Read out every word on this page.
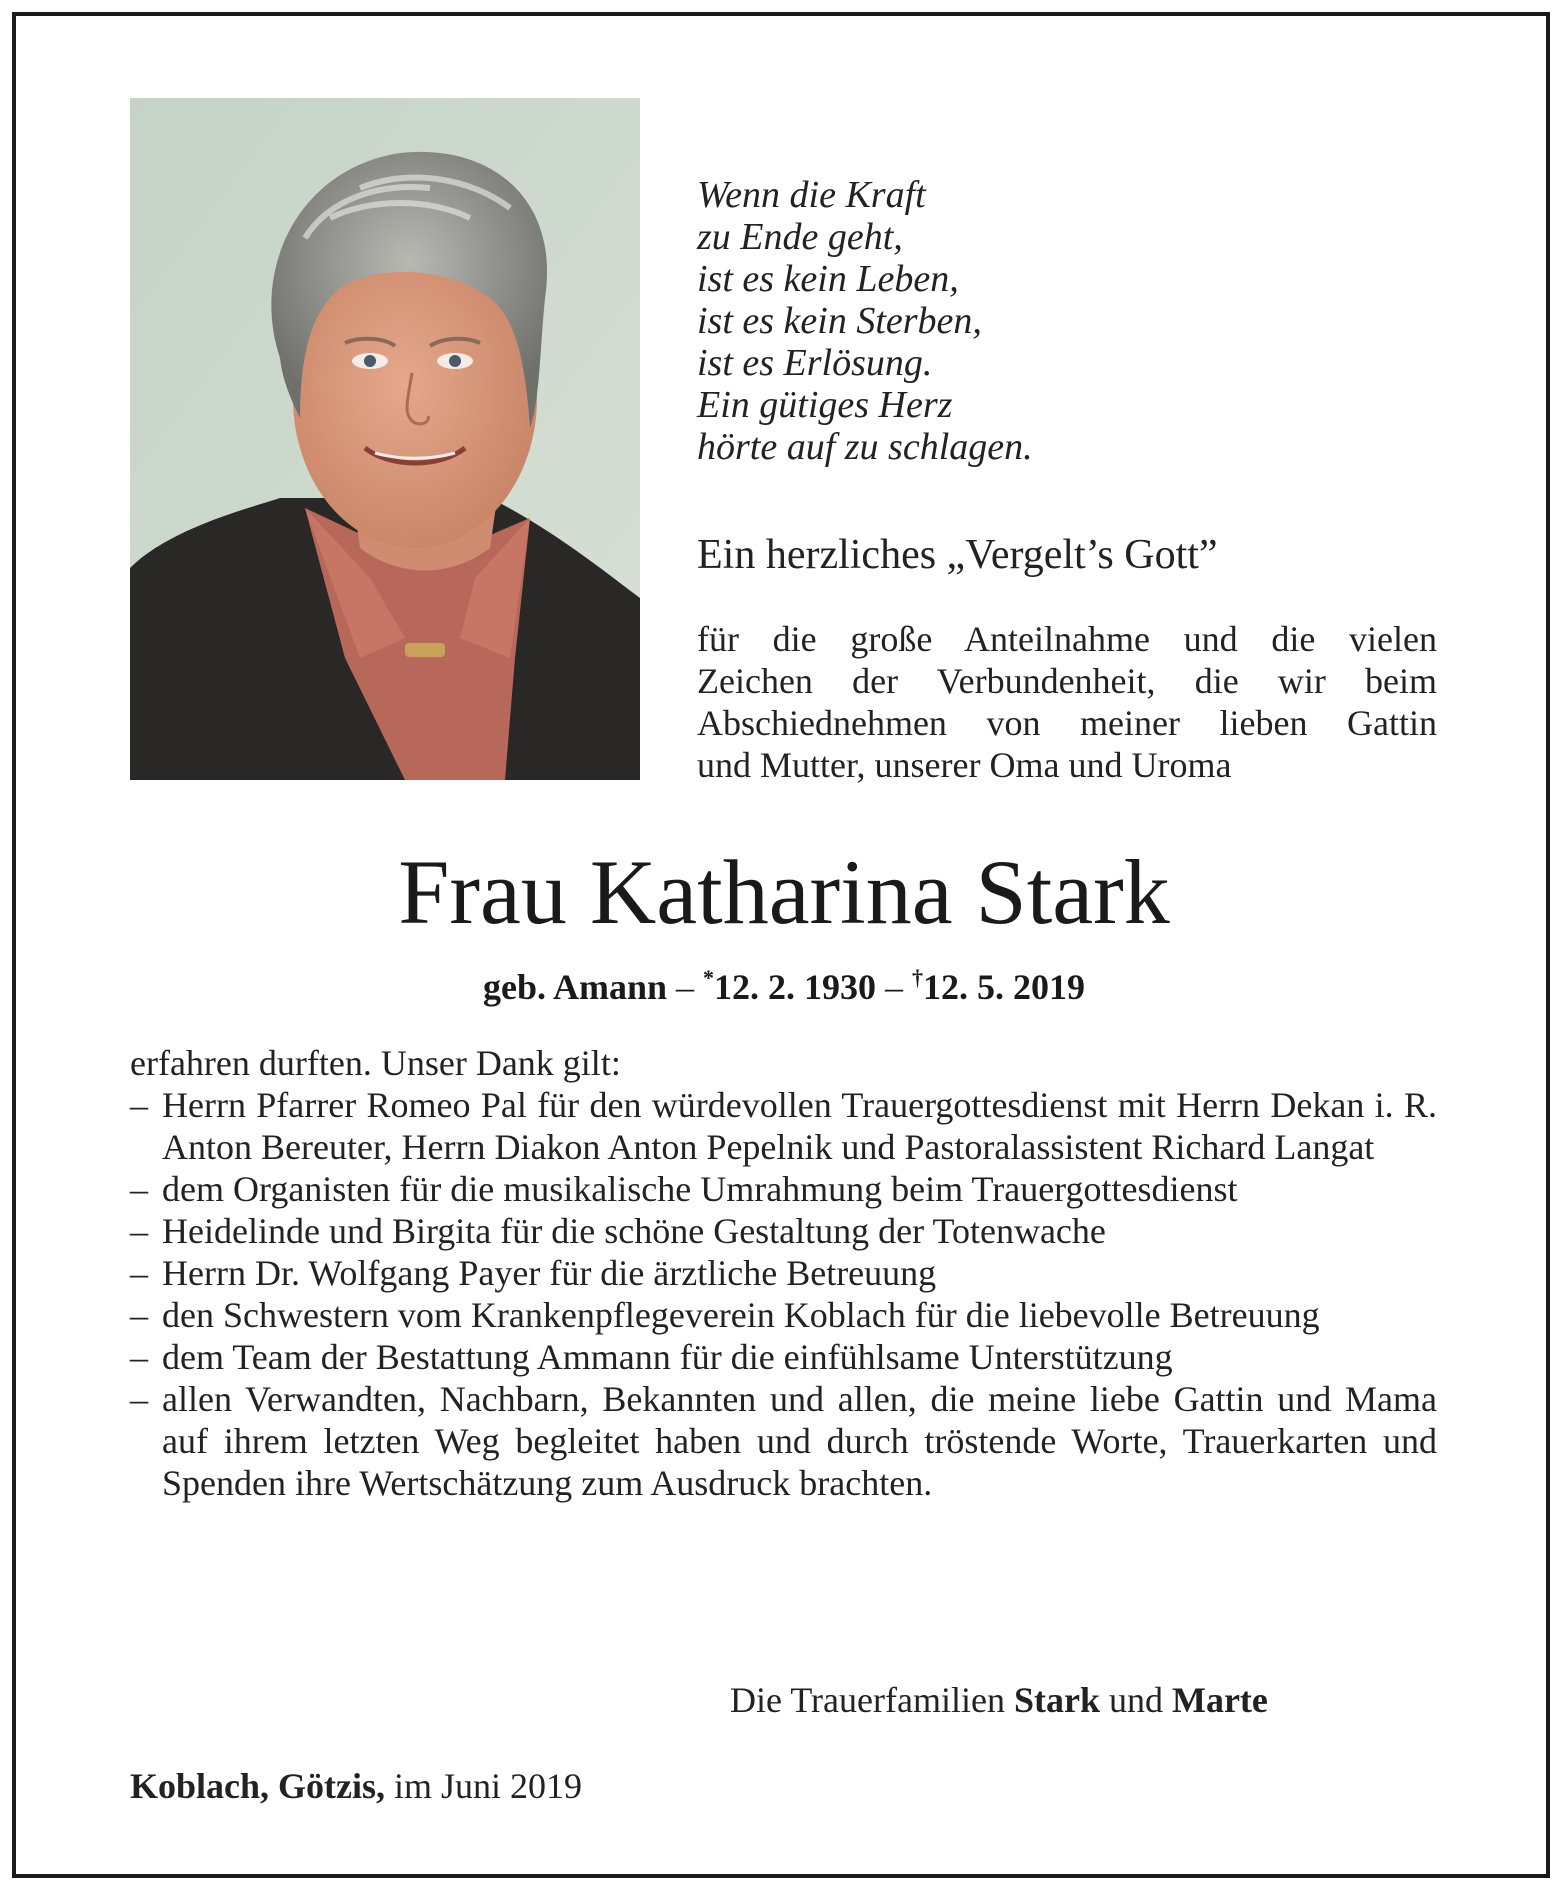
Wenn die Kraft
zu Ende geht,
ist es kein Leben,
ist es kein Sterben,
ist es Erlösung.
Ein gütiges Herz
hörte auf zu schlagen.
Ein herzliches „Vergelt’s Gott”
für die große Anteilnahme und die vielen
Zeichen der Verbundenheit, die wir beim
Abschiednehmen von meiner lieben Gattin
und Mutter, unserer Oma und Uroma
Frau Katharina Stark
geb. Amann – *12. 2. 1930 – †12. 5. 2019
erfahren durften. Unser Dank gilt:
– Herrn Pfarrer Romeo Pal für den würdevollen Trauergottesdienst mit Herrn Dekan i. R. Anton Bereuter, Herrn Diakon Anton Pepelnik und Pastoralassistent Richard Langat
– dem Organisten für die musikalische Umrahmung beim Trauergottesdienst
– Heidelinde und Birgita für die schöne Gestaltung der Totenwache
– Herrn Dr. Wolfgang Payer für die ärztliche Betreuung
– den Schwestern vom Krankenpflegeverein Koblach für die liebevolle Betreuung
– dem Team der Bestattung Ammann für die einfühlsame Unterstützung
– allen Verwandten, Nachbarn, Bekannten und allen, die meine liebe Gattin und Mama auf ihrem letzten Weg begleitet haben und durch tröstende Worte, Trauerkarten und Spenden ihre Wertschätzung zum Ausdruck brachten.
Die Trauerfamilien Stark und Marte
Koblach, Götzis, im Juni 2019
